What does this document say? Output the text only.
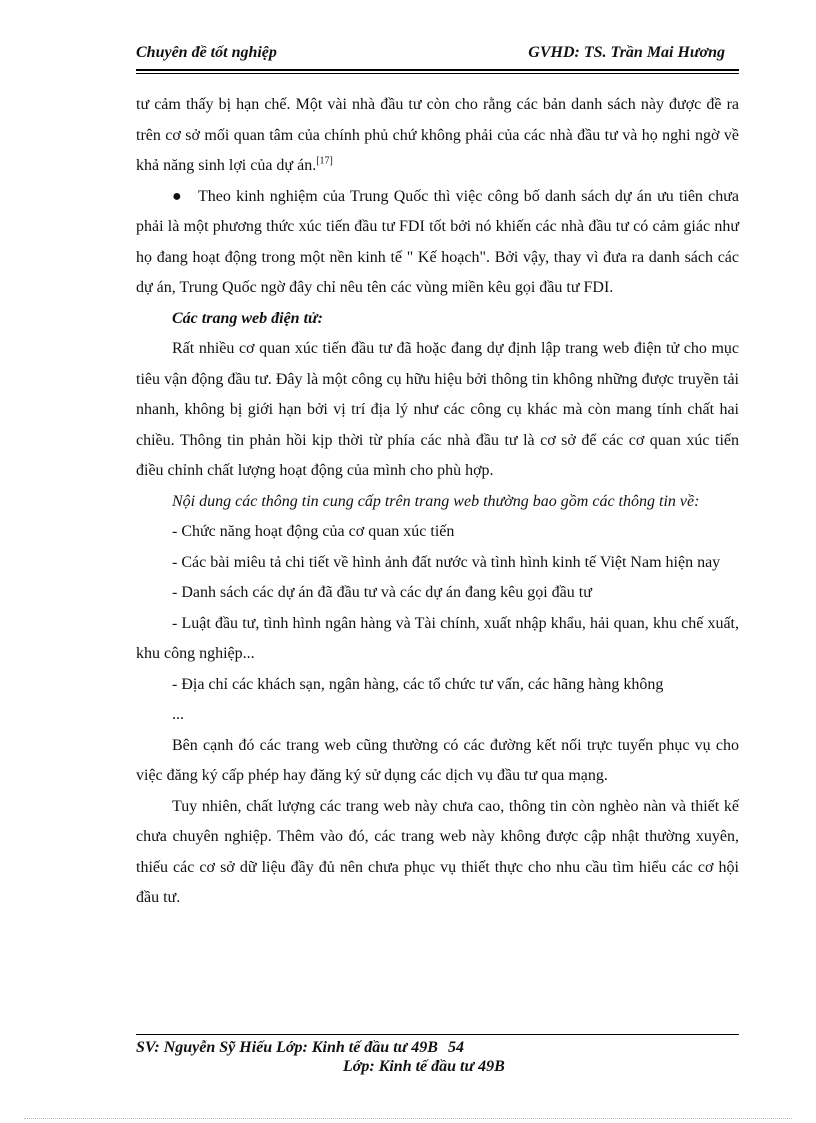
Chuyên đề tốt nghiệp	GVHD: TS. Trần Mai Hương

tư cảm thấy bị hạn chế. Một vài nhà đầu tư còn cho rằng các bản danh sách này được đề ra trên cơ sở mối quan tâm của chính phủ chứ không phải của các nhà đầu tư và họ nghi ngờ về khả năng sinh lợi của dự án.[17]

● Theo kinh nghiệm của Trung Quốc thì việc công bố danh sách dự án ưu tiên chưa phải là một phương thức xúc tiến đầu tư FDI tốt bởi nó khiến các nhà đầu tư có cảm giác như họ đang hoạt động trong một nền kinh tế " Kế hoạch". Bởi vậy, thay vì đưa ra danh sách các dự án, Trung Quốc ngờ đây chỉ nêu tên các vùng miền kêu gọi đầu tư FDI.

Các trang web điện tử:

Rất nhiều cơ quan xúc tiến đầu tư đã hoặc đang dự định lập trang web điện tử cho mục tiêu vận động đầu tư. Đây là một công cụ hữu hiệu bởi thông tin không những được truyền tải nhanh, không bị giới hạn bởi vị trí địa lý như các công cụ khác mà còn mang tính chất hai chiều. Thông tin phản hồi kịp thời từ phía các nhà đầu tư là cơ sở để các cơ quan xúc tiến điều chỉnh chất lượng hoạt động của mình cho phù hợp.

Nội dung các thông tin cung cấp trên trang web thường bao gồm các thông tin về:

- Chức năng hoạt động của cơ quan xúc tiến

- Các bài miêu tả chi tiết về hình ảnh đất nước và tình hình kinh tế Việt Nam hiện nay

- Danh sách các dự án đã đầu tư và các dự án đang kêu gọi đầu tư

- Luật đầu tư, tình hình ngân hàng và Tài chính, xuất nhập khẩu, hải quan, khu chế xuất, khu công nghiệp...

- Địa chỉ các khách sạn, ngân hàng, các tổ chức tư vấn, các hãng hàng không

...

Bên cạnh đó các trang web cũng thường có các đường kết nối trực tuyến phục vụ cho việc đăng ký cấp phép hay đăng ký sử dụng các dịch vụ đầu tư qua mạng.

Tuy nhiên, chất lượng các trang web này chưa cao, thông tin còn nghèo nàn và thiết kế chưa chuyên nghiệp. Thêm vào đó, các trang web này không được cập nhật thường xuyên, thiếu các cơ sở dữ liệu đầy đủ nên chưa phục vụ thiết thực cho nhu cầu tìm hiểu các cơ hội đầu tư.

SV: Nguyễn Sỹ Hiếu Lớp: Kinh tế đầu tư 49B 54
Lớp: Kinh tế đầu tư 49B
